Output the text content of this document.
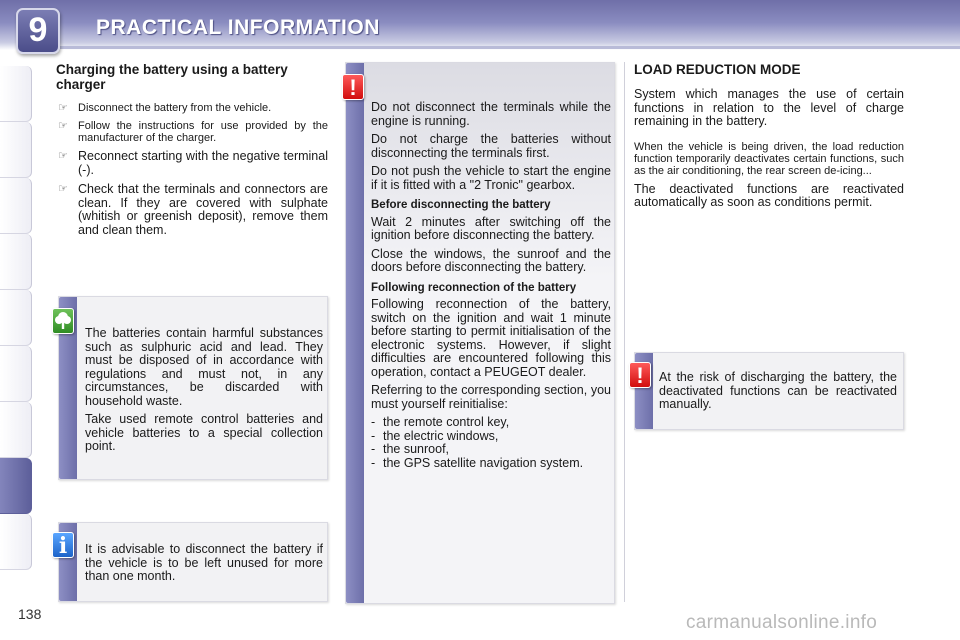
9	PRACTICAL INFORMATION
Charging the battery using a battery charger
☞ Disconnect the battery from the vehicle.
☞ Follow the instructions for use provided by the manufacturer of the charger.
☞ Reconnect starting with the negative terminal (-).
☞ Check that the terminals and connectors are clean. If they are covered with sulphate (whitish or greenish deposit), remove them and clean them.

The batteries contain harmful substances such as sulphuric acid and lead. They must be disposed of in accordance with regulations and must not, in any circumstances, be discarded with household waste.

Take used remote control batteries and vehicle batteries to a special collection point.

It is advisable to disconnect the battery if the vehicle is to be left unused for more than one month.
i

Do not disconnect the terminals while the engine is running.

Do not charge the batteries without disconnecting the terminals first.

Do not push the vehicle to start the engine if it is fitted with a "2 Tronic" gearbox.

Before disconnecting the battery

Wait 2 minutes after switching off the ignition before disconnecting the battery.

Close the windows, the sunroof and the doors before disconnecting the battery.

Following reconnection of the battery

Following reconnection of the battery, switch on the ignition and wait 1 minute before starting to permit initialisation of the electronic systems. However, if slight difficulties are encountered following this operation, contact a PEUGEOT dealer.

Referring to the corresponding section, you must yourself reinitialise:

- the remote control key,
- the electric windows,
- the sunroof,
- the GPS satellite navigation system.
!
LOAD REDUCTION MODE

System which manages the use of certain functions in relation to the level of charge remaining in the battery.

When the vehicle is being driven, the load reduction function temporarily deactivates certain functions, such as the air conditioning, the rear screen de-icing...

The deactivated functions are reactivated automatically as soon as conditions permit.

At the risk of discharging the battery, the deactivated functions can be reactivated manually.
!
138	carmanualsonline.info
